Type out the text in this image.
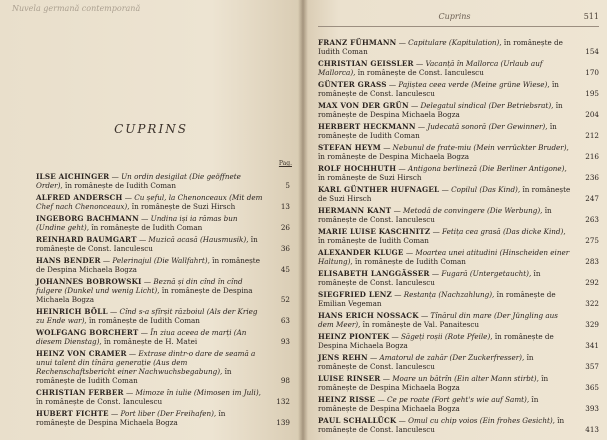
Nuvela germană contemporană
CUPRINS
Pag.
ILSE AICHINGER — Un ordin desigilat (Die geöffnete Order), în românește de Iudith Coman	5
ALFRED ANDERSCH — Cu șeful, la Chenonceaux (Mit dem Chef nach Chenonceaux), în românește de Suzi Hirsch	13
INGEBORG BACHMANN — Undina iși ia rămas bun (Undine geht), în românește de Iudith Coman	26
REINHARD BAUMGART — Muzică acasă (Hausmusik), în românește de Const. Ianculescu	36
HANS BENDER — Pelerinajul (Die Wallfahrt), în românește de Despina Michaela Bogza	45
JOHANNES BOBROWSKI — Beznă și din cînd în cînd fulgere (Dunkel und wenig Licht), în românește de Despina Michaela Bogza	52
HEINRICH BÖLL — Cînd s-a sfîrșit războiul (Als der Krieg zu Ende war), în românește de Iudith Coman	63
WOLFGANG BORCHERT — În ziua aceea de marți (An diesem Dienstag), în românește de H. Matei	93
HEINZ VON CRAMER — Extrase dintr-o dare de seamă a unui talent din tînăra generație (Aus dem Rechenschaftsbericht einer Nachwuchsbegabung), în românește de Iudith Coman	98
CHRISTIAN FERBER — Mimoze în iulie (Mimosen im Juli), în românește de Const. Ianculescu	132
HUBERT FICHTE — Port liber (Der Freihafen), în românește de Despina Michaela Bogza	139
Cuprins	511
FRANZ FÜHMANN — Capitulare (Kapitulation), în românește de Iudith Coman	154
CHRISTIAN GEISSLER — Vacanță în Mallorca (Urlaub auf Mallorca), în românește de Const. Ianculescu	170
GÜNTER GRASS — Pajiștea ceea verde (Meine grüne Wiese), în românește de Const. Ianculescu	195
MAX VON DER GRÜN — Delegatul sindical (Der Betriebsrat), în românește de Despina Michaela Bogza	204
HERBERT HECKMANN — Judecată sonoră (Der Gewinner), în românește de Iudith Coman	212
STEFAN HEYM — Nebunul de frate-miu (Mein verrückter Bruder), în românește de Despina Michaela Bogza	216
ROLF HOCHHUTH — Antigona berlineză (Die Berliner Antigone), în românește de Suzi Hirsch	236
KARL GÜNTHER HUFNAGEL — Copilul (Das Kind), în românește de Suzi Hirsch	247
HERMANN KANT — Metodă de convingere (Die Werbung), în românește de Const. Ianculescu	263
MARIE LUISE KASCHNITZ — Fetița cea grasă (Das dicke Kind), în românește de Iudith Coman	275
ALEXANDER KLUGE — Moartea unei atitudini (Hinscheiden einer Haltung), în românește de Iudith Coman	283
ELISABETH LANGGÄSSER — Fugară (Untergetaucht), în românește de Const. Ianculescu	292
SIEGFRIED LENZ — Restanța (Nachzahlung), în românește de Emilian Vegeman	322
HANS ERICH NOSSACK — Tînărul din mare (Der Jüngling aus dem Meer), în românește de Val. Panaitescu	329
HEINZ PIONTEK — Săgeți roșii (Rote Pfeile), în românește de Despina Michaela Bogza	341
JENS REHN — Amatorul de zahăr (Der Zuckerfresser), în românește de Const. Ianculescu	357
LUISE RINSER — Moare un bătrîn (Ein alter Mann stirbt), în românește de Despina Michaela Bogza	365
HEINZ RISSE — Ce pe roate (Fort geht's wie auf Samt), în românește de Despina Michaela Bogza	393
PAUL SCHALLÜCK — Omul cu chip voios (Ein frohes Gesicht), în românește de Const. Ianculescu	413
